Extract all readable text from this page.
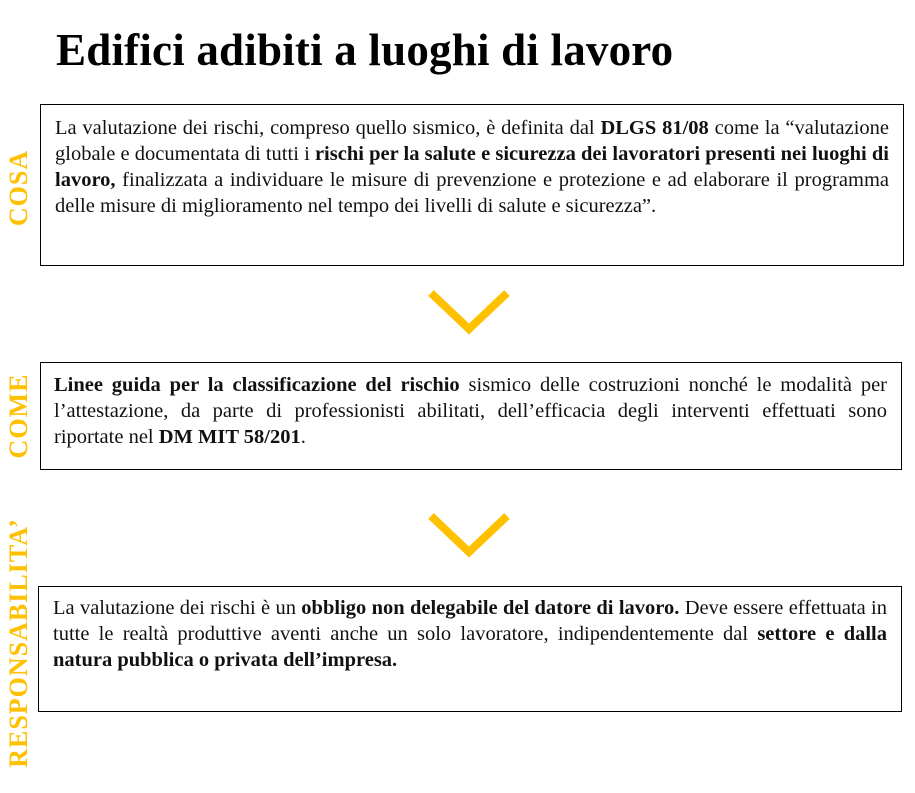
Edifici adibiti a luoghi di lavoro
COSA
COME
RESPONSABILITA’
La valutazione dei rischi, compreso quello sismico, è definita dal DLGS 81/08 come la “valutazione globale e documentata di tutti i rischi per la salute e sicurezza dei lavoratori presenti nei luoghi di lavoro, finalizzata a individuare le misure di prevenzione e protezione e ad elaborare il programma delle misure di miglioramento nel tempo dei livelli di salute e sicurezza”.
Linee guida per la classificazione del rischio sismico delle costruzioni nonché le modalità per l’attestazione, da parte di professionisti abilitati, dell’efficacia degli interventi effettuati sono riportate nel DM MIT 58/201.
La valutazione dei rischi è un obbligo non delegabile del datore di lavoro. Deve essere effettuata in tutte le realtà produttive aventi anche un solo lavoratore, indipendentemente dal settore e dalla natura pubblica o privata dell’impresa.
